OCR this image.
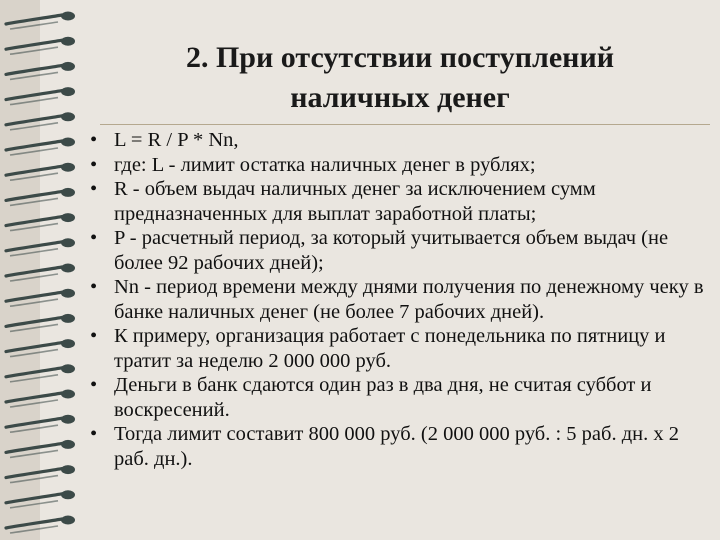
2. При отсутствии поступлений
наличных денег
• L = R / P * Nn,
• где: L - лимит остатка наличных денег в рублях;
• R - объем выдач наличных денег за исключением сумм предназначенных для выплат заработной платы;
• P - расчетный период, за который учитывается объем выдач (не более 92 рабочих дней);
• Nn - период времени между днями получения по денежному чеку в банке наличных денег (не более 7 рабочих дней).
• К примеру, организация работает с понедельника по пятницу и тратит за неделю 2 000 000 руб.
• Деньги в банк сдаются один раз в два дня, не считая суббот и воскресений.
• Тогда лимит составит 800 000 руб. (2 000 000 руб. : 5 раб. дн. х 2 раб. дн.).
